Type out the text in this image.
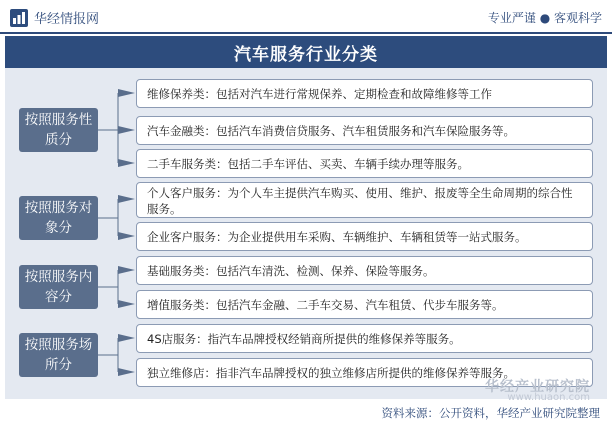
华经情报网	专业严谨 ● 客观科学
汽车服务行业分类
按照服务性质分
按照服务对象分
按照服务内容分
按照服务场所分
维修保养类：包括对汽车进行常规保养、定期检查和故障维修等工作
汽车金融类：包括汽车消费信贷服务、汽车租赁服务和汽车保险服务等。
二手车服务类：包括二手车评估、买卖、车辆手续办理等服务。
个人客户服务：为个人车主提供汽车购买、使用、维护、报废等全生命周期的综合性服务。
企业客户服务：为企业提供用车采购、车辆维护、车辆租赁等一站式服务。
基础服务类：包括汽车清洗、检测、保养、保险等服务。
增值服务类：包括汽车金融、二手车交易、汽车租赁、代步车服务等。
4S店服务：指汽车品牌授权经销商所提供的维修保养等服务。
独立维修店：指非汽车品牌授权的独立维修店所提供的维修保养等服务。
华经产业研究院
www.huaon.com
资料来源：公开资料，华经产业研究院整理
